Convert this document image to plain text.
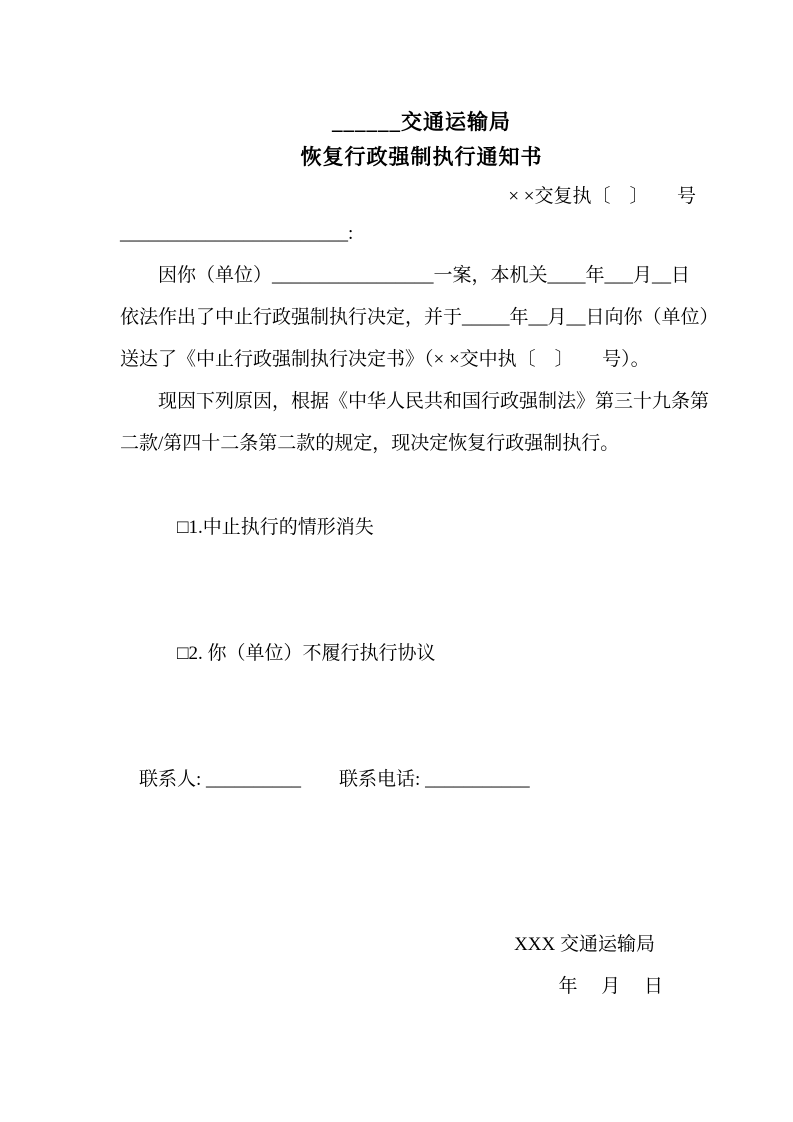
______交通运输局
恢复行政强制执行通知书
× ×交复执〔　〕　　号
________________________:
因你（单位）_________________一案，本机关____年___月__日
依法作出了中止行政强制执行决定，并于_____年__月__日向你（单位）
送达了《中止行政强制执行决定书》（× ×交中执〔　〕　　号）。
现因下列原因，根据《中华人民共和国行政强制法》第三十九条第
二款/第四十二条第二款的规定，现决定恢复行政强制执行。

□1.中止执行的情形消失

□2. 你（单位）不履行执行协议

联系人: __________　　 联系电话: ___________

XXX 交通运输局
年　 月　 日
